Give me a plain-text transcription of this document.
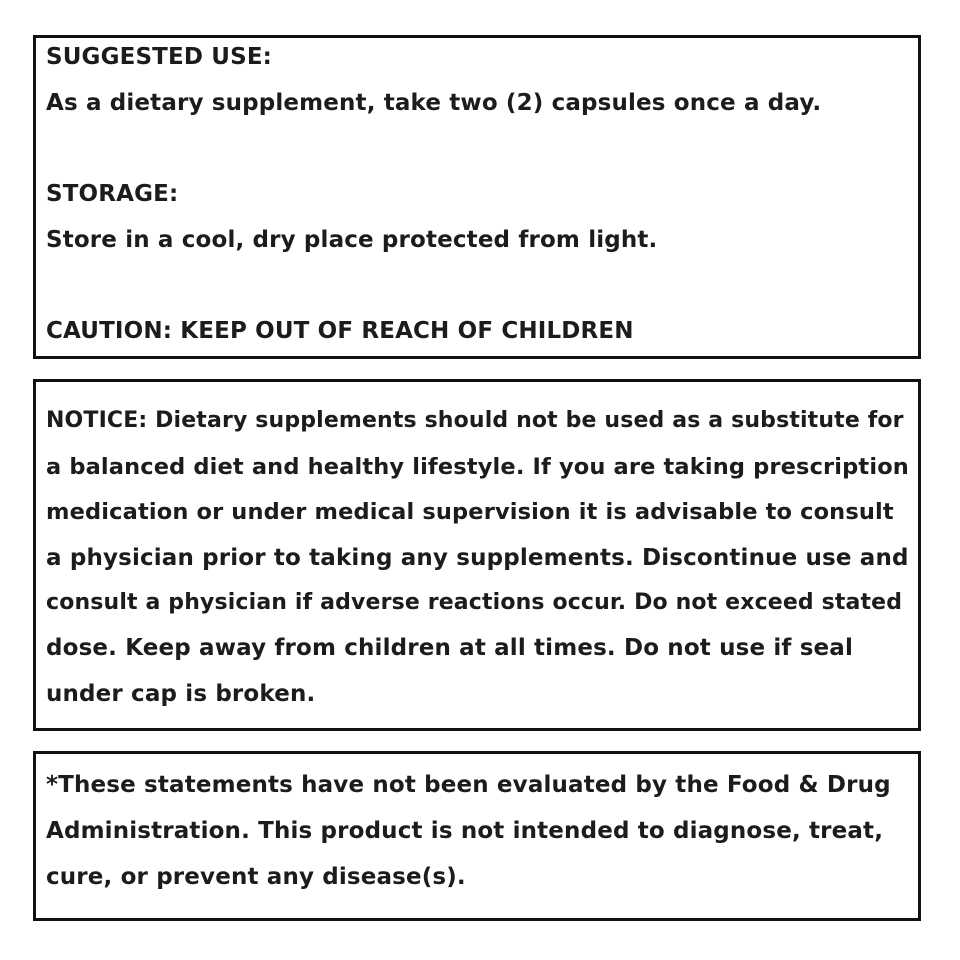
SUGGESTED USE:
As a dietary supplement, take two (2) capsules once a day.
STORAGE:
Store in a cool, dry place protected from light.
CAUTION: KEEP OUT OF REACH OF CHILDREN
NOTICE: Dietary supplements should not be used as a substitute for
a balanced diet and healthy lifestyle. If you are taking prescription
medication or under medical supervision it is advisable to consult
a physician prior to taking any supplements. Discontinue use and
consult a physician if adverse reactions occur. Do not exceed stated
dose. Keep away from children at all times. Do not use if seal
under cap is broken.
*These statements have not been evaluated by the Food & Drug
Administration. This product is not intended to diagnose, treat,
cure, or prevent any disease(s).
